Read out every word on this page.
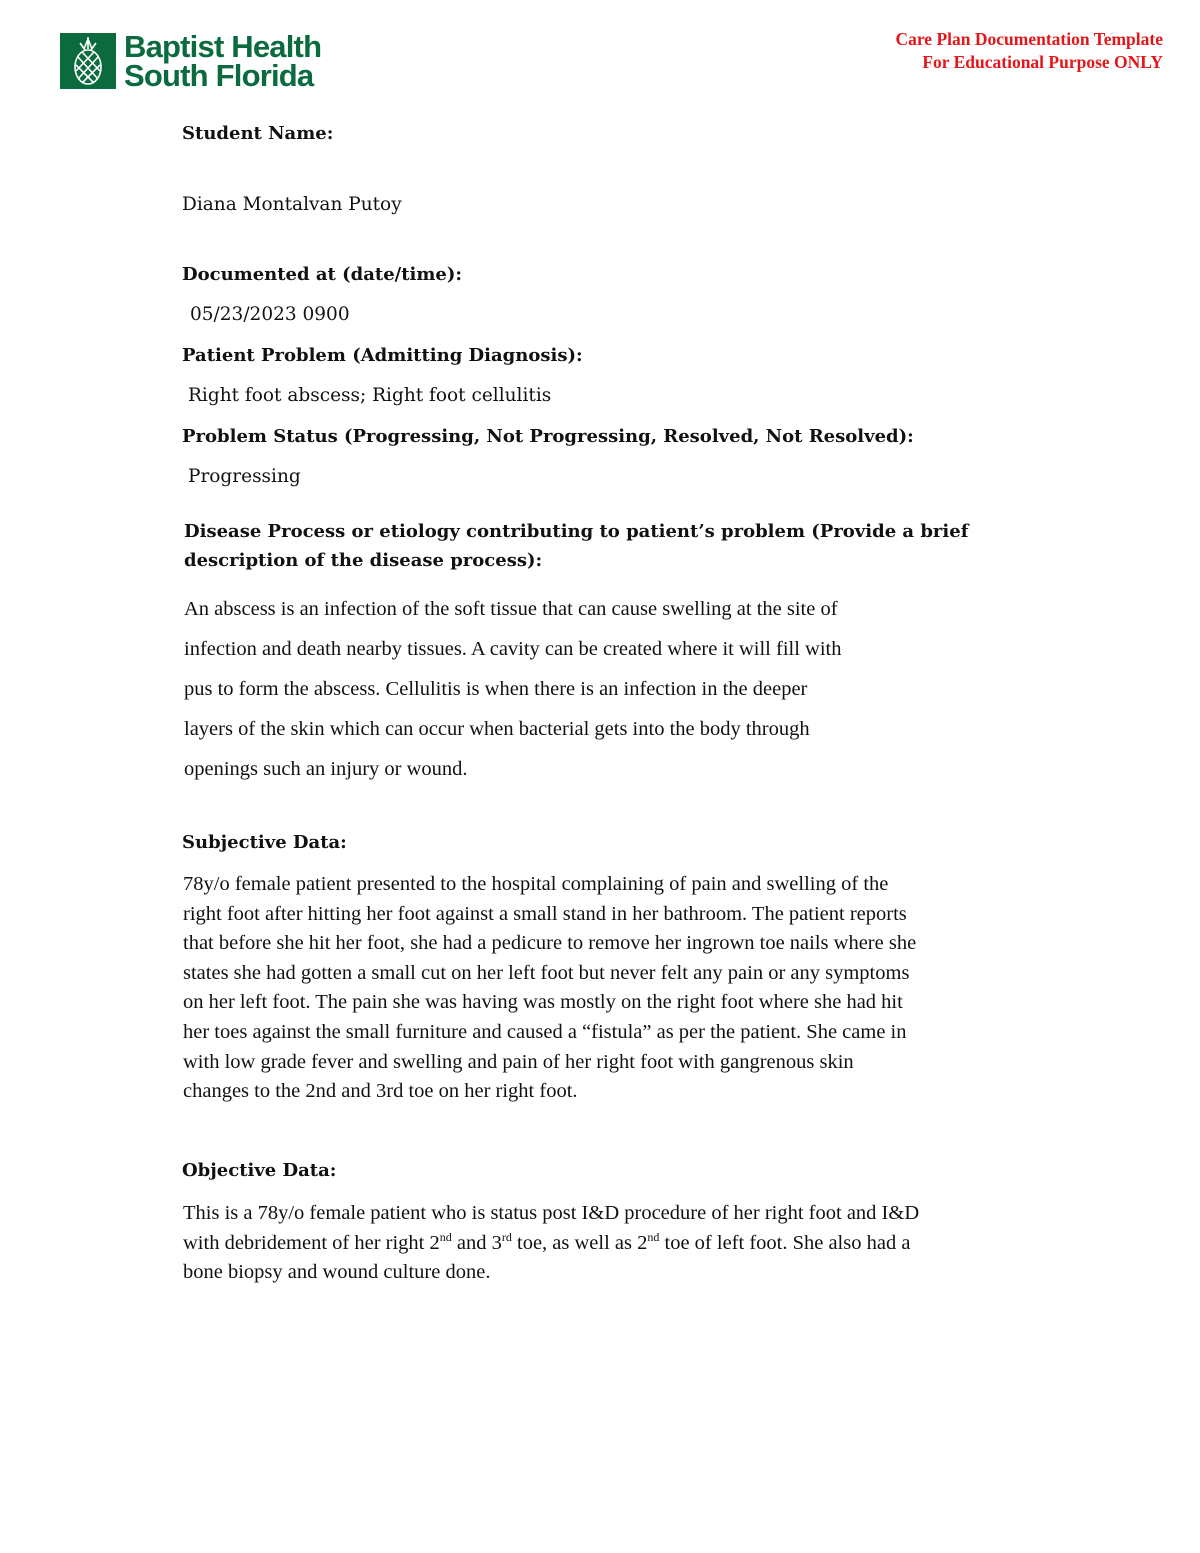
Baptist Health
South Florida
Care Plan Documentation Template
For Educational Purpose ONLY
Student Name:
Diana Montalvan Putoy
Documented at (date/time):
05/23/2023 0900
Patient Problem (Admitting Diagnosis):
Right foot abscess; Right foot cellulitis
Problem Status (Progressing, Not Progressing, Resolved, Not Resolved):
Progressing
Disease Process or etiology contributing to patient’s problem (Provide a brief
description of the disease process):
An abscess is an infection of the soft tissue that can cause swelling at the site of
infection and death nearby tissues. A cavity can be created where it will fill with
pus to form the abscess. Cellulitis is when there is an infection in the deeper
layers of the skin which can occur when bacterial gets into the body through
openings such an injury or wound.
Subjective Data:
78y/o female patient presented to the hospital complaining of pain and swelling of the
right foot after hitting her foot against a small stand in her bathroom. The patient reports
that before she hit her foot, she had a pedicure to remove her ingrown toe nails where she
states she had gotten a small cut on her left foot but never felt any pain or any symptoms
on her left foot. The pain she was having was mostly on the right foot where she had hit
her toes against the small furniture and caused a “fistula” as per the patient. She came in
with low grade fever and swelling and pain of her right foot with gangrenous skin
changes to the 2nd and 3rd toe on her right foot.
Objective Data:
This is a 78y/o female patient who is status post I&D procedure of her right foot and I&D
with debridement of her right 2nd and 3rd toe, as well as 2nd toe of left foot. She also had a
bone biopsy and wound culture done.
